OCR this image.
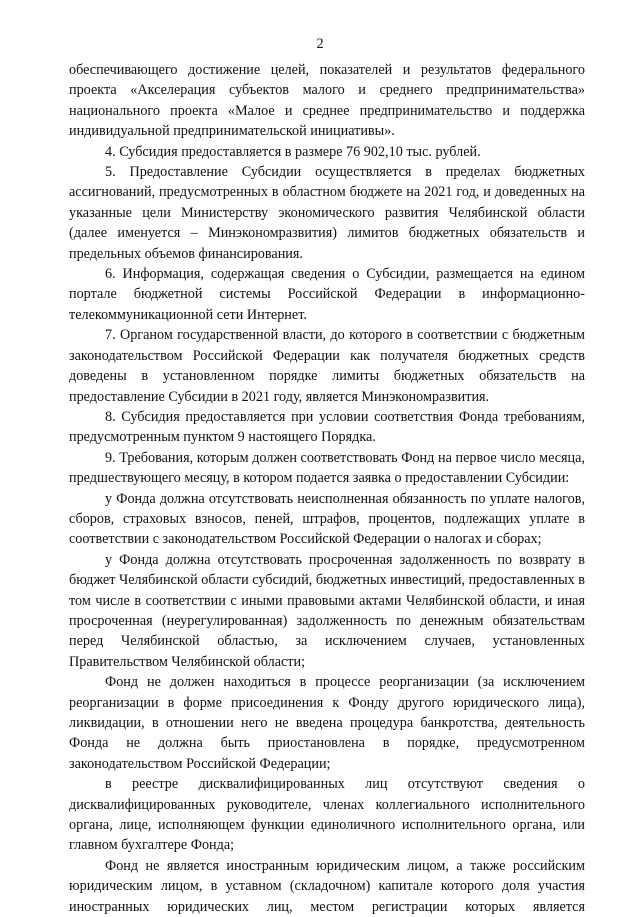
2

обеспечивающего достижение целей, показателей и результатов федерального проекта «Акселерация субъектов малого и среднего предпринимательства» национального проекта «Малое и среднее предпринимательство и поддержка индивидуальной предпринимательской инициативы».

4. Субсидия предоставляется в размере 76 902,10 тыс. рублей.

5. Предоставление Субсидии осуществляется в пределах бюджетных ассигнований, предусмотренных в областном бюджете на 2021 год, и доведенных на указанные цели Министерству экономического развития Челябинской области (далее именуется – Минэкономразвития) лимитов бюджетных обязательств и предельных объемов финансирования.

6. Информация, содержащая сведения о Субсидии, размещается на едином портале бюджетной системы Российской Федерации в информационно-телекоммуникационной сети Интернет.

7. Органом государственной власти, до которого в соответствии с бюджетным законодательством Российской Федерации как получателя бюджетных средств доведены в установленном порядке лимиты бюджетных обязательств на предоставление Субсидии в 2021 году, является Минэкономразвития.

8. Субсидия предоставляется при условии соответствия Фонда требованиям, предусмотренным пунктом 9 настоящего Порядка.

9. Требования, которым должен соответствовать Фонд на первое число месяца, предшествующего месяцу, в котором подается заявка о предоставлении Субсидии:

у Фонда должна отсутствовать неисполненная обязанность по уплате налогов, сборов, страховых взносов, пеней, штрафов, процентов, подлежащих уплате в соответствии с законодательством Российской Федерации о налогах и сборах;

у Фонда должна отсутствовать просроченная задолженность по возврату в бюджет Челябинской области субсидий, бюджетных инвестиций, предоставленных в том числе в соответствии с иными правовыми актами Челябинской области, и иная просроченная (неурегулированная) задолженность по денежным обязательствам перед Челябинской областью, за исключением случаев, установленных Правительством Челябинской области;

Фонд не должен находиться в процессе реорганизации (за исключением реорганизации в форме присоединения к Фонду другого юридического лица), ликвидации, в отношении него не введена процедура банкротства, деятельность Фонда не должна быть приостановлена в порядке, предусмотренном законодательством Российской Федерации;

в реестре дисквалифицированных лиц отсутствуют сведения о дисквалифицированных руководителе, членах коллегиального исполнительного органа, лице, исполняющем функции единоличного исполнительного органа, или главном бухгалтере Фонда;

Фонд не является иностранным юридическим лицом, а также российским юридическим лицом, в уставном (складочном) капитале которого доля участия иностранных юридических лиц, местом регистрации которых является
